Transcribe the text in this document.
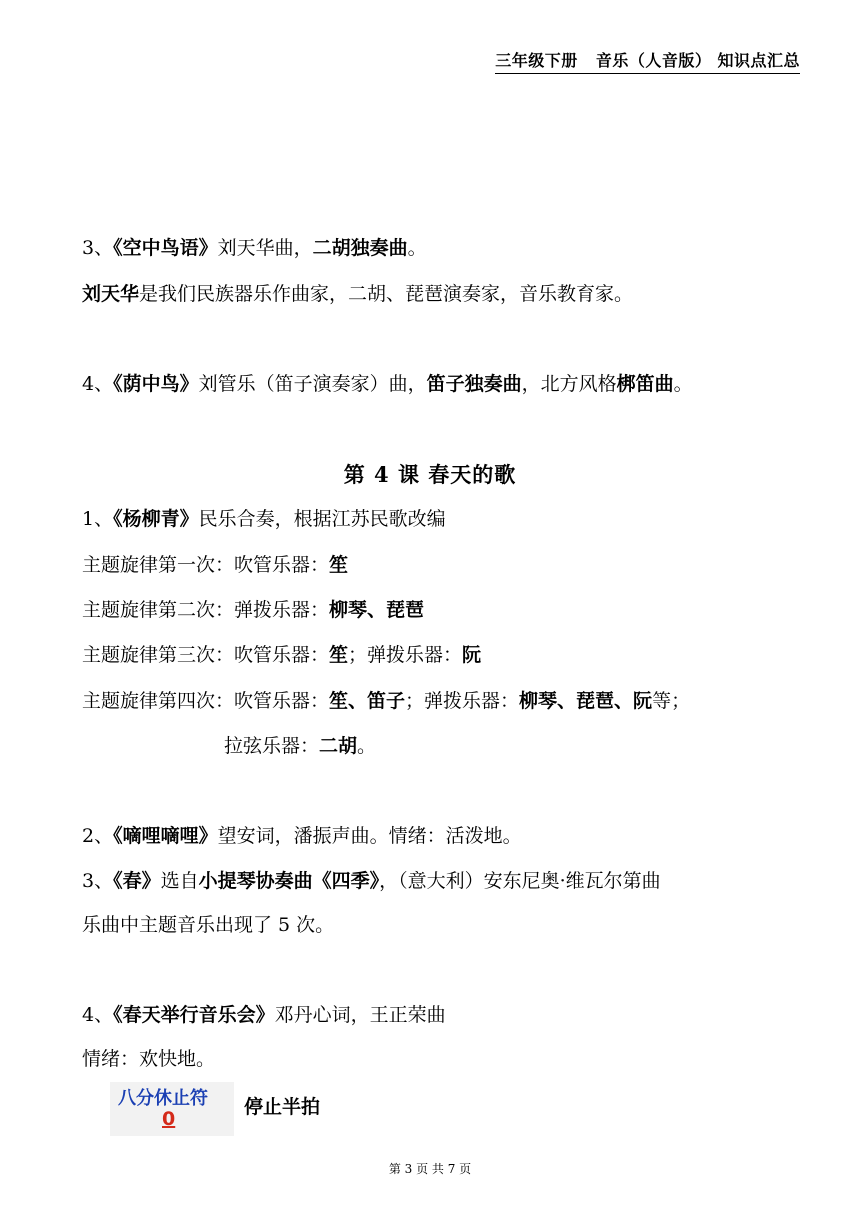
三年级下册   音乐（人音版） 知识点汇总
3、《空中鸟语》刘天华曲，二胡独奏曲。
刘天华是我们民族器乐作曲家，二胡、琵琶演奏家，音乐教育家。
4、《荫中鸟》刘管乐（笛子演奏家）曲，笛子独奏曲，北方风格梆笛曲。
第 4 课 春天的歌
1、《杨柳青》民乐合奏，根据江苏民歌改编
主题旋律第一次：吹管乐器：笙
主题旋律第二次：弹拨乐器：柳琴、琵琶
主题旋律第三次：吹管乐器：笙；弹拨乐器：阮
主题旋律第四次：吹管乐器：笙、笛子；弹拨乐器：柳琴、琵琶、阮等；
拉弦乐器：二胡。
2、《嘀哩嘀哩》望安词，潘振声曲。情绪：活泼地。
3、《春》选自小提琴协奏曲《四季》，（意大利）安东尼奥·维瓦尔第曲
乐曲中主题音乐出现了 5 次。
4、《春天举行音乐会》邓丹心词，王正荣曲
情绪：欢快地。
八分休止符
0
停止半拍
第 3 页 共 7 页
